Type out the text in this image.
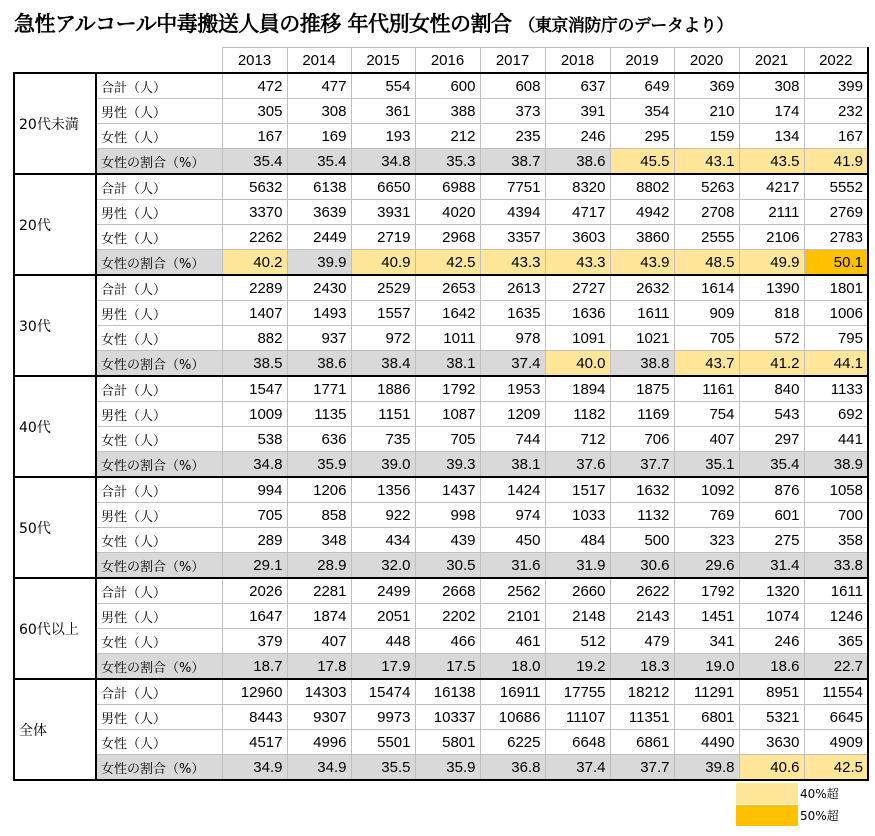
急性アルコール中毒搬送人員の推移 年代別女性の割合 （東京消防庁のデータより）
		2013	2014	2015	2016	2017	2018	2019	2020	2021	2022
20代未満	合計（人）	472	477	554	600	608	637	649	369	308	399
	男性（人）	305	308	361	388	373	391	354	210	174	232
	女性（人）	167	169	193	212	235	246	295	159	134	167
	女性の割合（%）	35.4	35.4	34.8	35.3	38.7	38.6	45.5	43.1	43.5	41.9
20代	合計（人）	5632	6138	6650	6988	7751	8320	8802	5263	4217	5552
	男性（人）	3370	3639	3931	4020	4394	4717	4942	2708	2111	2769
	女性（人）	2262	2449	2719	2968	3357	3603	3860	2555	2106	2783
	女性の割合（%）	40.2	39.9	40.9	42.5	43.3	43.3	43.9	48.5	49.9	50.1
30代	合計（人）	2289	2430	2529	2653	2613	2727	2632	1614	1390	1801
	男性（人）	1407	1493	1557	1642	1635	1636	1611	909	818	1006
	女性（人）	882	937	972	1011	978	1091	1021	705	572	795
	女性の割合（%）	38.5	38.6	38.4	38.1	37.4	40.0	38.8	43.7	41.2	44.1
40代	合計（人）	1547	1771	1886	1792	1953	1894	1875	1161	840	1133
	男性（人）	1009	1135	1151	1087	1209	1182	1169	754	543	692
	女性（人）	538	636	735	705	744	712	706	407	297	441
	女性の割合（%）	34.8	35.9	39.0	39.3	38.1	37.6	37.7	35.1	35.4	38.9
50代	合計（人）	994	1206	1356	1437	1424	1517	1632	1092	876	1058
	男性（人）	705	858	922	998	974	1033	1132	769	601	700
	女性（人）	289	348	434	439	450	484	500	323	275	358
	女性の割合（%）	29.1	28.9	32.0	30.5	31.6	31.9	30.6	29.6	31.4	33.8
60代以上	合計（人）	2026	2281	2499	2668	2562	2660	2622	1792	1320	1611
	男性（人）	1647	1874	2051	2202	2101	2148	2143	1451	1074	1246
	女性（人）	379	407	448	466	461	512	479	341	246	365
	女性の割合（%）	18.7	17.8	17.9	17.5	18.0	19.2	18.3	19.0	18.6	22.7
全体	合計（人）	12960	14303	15474	16138	16911	17755	18212	11291	8951	11554
	男性（人）	8443	9307	9973	10337	10686	11107	11351	6801	5321	6645
	女性（人）	4517	4996	5501	5801	6225	6648	6861	4490	3630	4909
	女性の割合（%）	34.9	34.9	35.5	35.9	36.8	37.4	37.7	39.8	40.6	42.5
40%超
50%超
